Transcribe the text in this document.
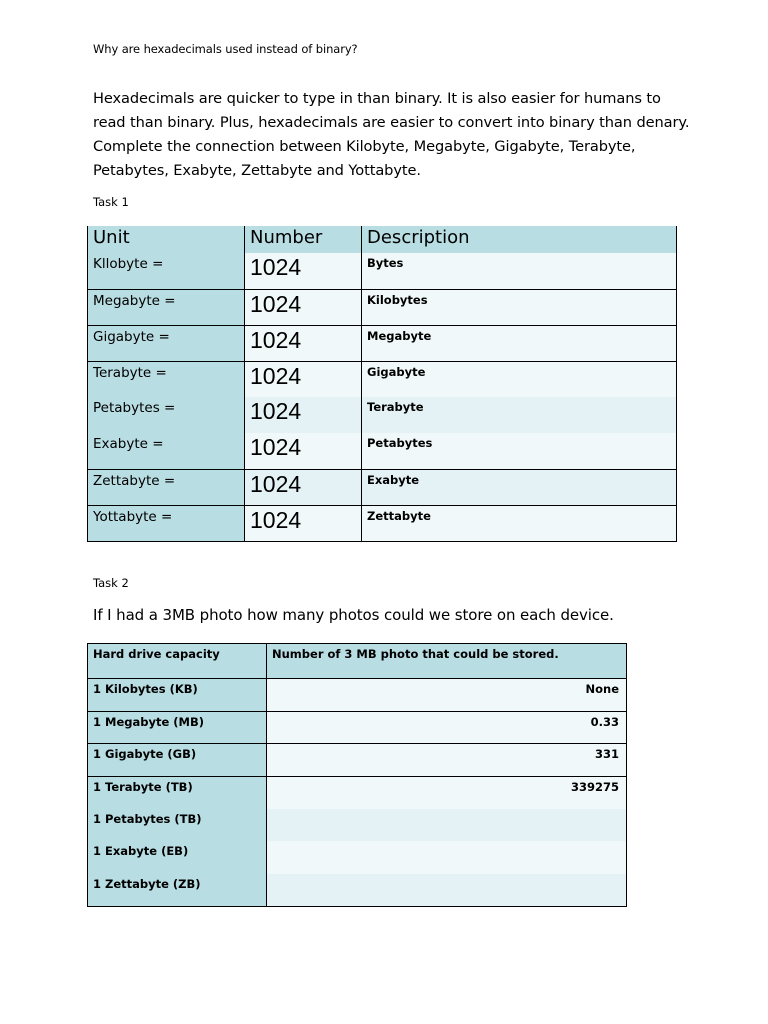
Why are hexadecimals used instead of binary?
Hexadecimals are quicker to type in than binary. It is also easier for humans to read than binary. Plus, hexadecimals are easier to convert into binary than denary. Complete the connection between Kilobyte, Megabyte, Gigabyte, Terabyte, Petabytes, Exabyte, Zettabyte and Yottabyte.
Task 1
Unit	Number	Description
Kllobyte =	1024	Bytes
Megabyte =	1024	Kilobytes
Gigabyte =	1024	Megabyte
Terabyte =	1024	Gigabyte
Petabytes =	1024	Terabyte
Exabyte =	1024	Petabytes
Zettabyte =	1024	Exabyte
Yottabyte =	1024	Zettabyte
Task 2
If I had a 3MB photo how many photos could we store on each device.
Hard drive capacity	Number of 3 MB photo that could be stored.
1 Kilobytes (KB)	None
1 Megabyte (MB)	0.33
1 Gigabyte (GB)	331
1 Terabyte (TB)	339275
1 Petabytes (TB)	
1 Exabyte (EB)	
1 Zettabyte (ZB)	
